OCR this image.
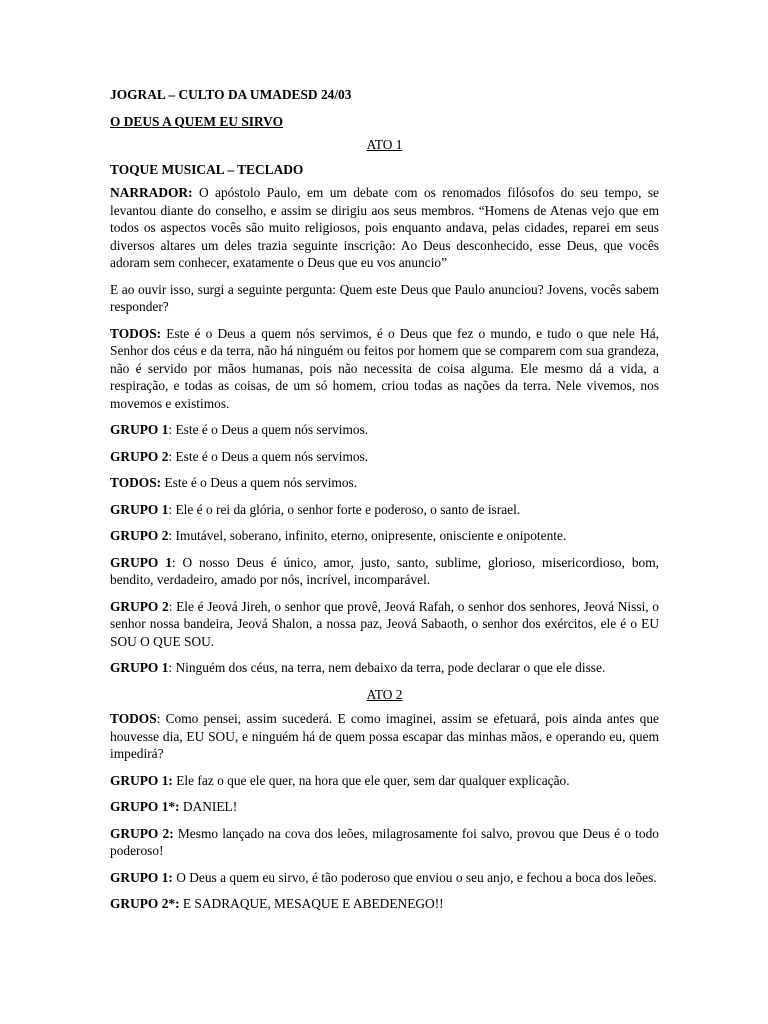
JOGRAL – CULTO DA UMADESD 24/03
O DEUS A QUEM EU SIRVO
ATO 1
TOQUE MUSICAL – TECLADO

NARRADOR: O apóstolo Paulo, em um debate com os renomados filósofos do seu tempo, se levantou diante do conselho, e assim se dirigiu aos seus membros. “Homens de Atenas vejo que em todos os aspectos vocês são muito religiosos, pois enquanto andava, pelas cidades, reparei em seus diversos altares um deles trazia seguinte inscrição: Ao Deus desconhecido, esse Deus, que vocês adoram sem conhecer, exatamente o Deus que eu vos anuncio”

E ao ouvir isso, surgi a seguinte pergunta: Quem este Deus que Paulo anunciou? Jovens, vocês sabem responder?

TODOS: Este é o Deus a quem nós servimos, é o Deus que fez o mundo, e tudo o que nele Há, Senhor dos céus e da terra, não há ninguém ou feitos por homem que se comparem com sua grandeza, não é servido por mãos humanas, pois não necessita de coisa alguma. Ele mesmo dá a vida, a respiração, e todas as coisas, de um só homem, criou todas as nações da terra. Nele vivemos, nos movemos e existimos.

GRUPO 1: Este é o Deus a quem nós servimos.

GRUPO 2: Este é o Deus a quem nós servimos.

TODOS: Este é o Deus a quem nós servimos.

GRUPO 1: Ele é o rei da glória, o senhor forte e poderoso, o santo de israel.

GRUPO 2: Imutável, soberano, infinito, eterno, onipresente, onisciente e onipotente.

GRUPO 1: O nosso Deus é único, amor, justo, santo, sublime, glorioso, misericordioso, bom, bendito, verdadeiro, amado por nós, incrível, incomparável.

GRUPO 2: Ele é Jeová Jireh, o senhor que provê, Jeová Rafah, o senhor dos senhores, Jeová Nissi, o senhor nossa bandeira, Jeová Shalon, a nossa paz, Jeová Sabaoth, o senhor dos exércitos, ele é o EU SOU O QUE SOU.

GRUPO 1: Ninguém dos céus, na terra, nem debaixo da terra, pode declarar o que ele disse.

ATO 2

TODOS: Como pensei, assim sucederá. E como imaginei, assim se efetuará, pois ainda antes que houvesse dia, EU SOU, e ninguém há de quem possa escapar das minhas mãos, e operando eu, quem impedirá?

GRUPO 1: Ele faz o que ele quer, na hora que ele quer, sem dar qualquer explicação.

GRUPO 1*: DANIEL!

GRUPO 2: Mesmo lançado na cova dos leões, milagrosamente foi salvo, provou que Deus é o todo poderoso!

GRUPO 1: O Deus a quem eu sirvo, é tão poderoso que enviou o seu anjo, e fechou a boca dos leões.

GRUPO 2*: E SADRAQUE, MESAQUE E ABEDENEGO!!
